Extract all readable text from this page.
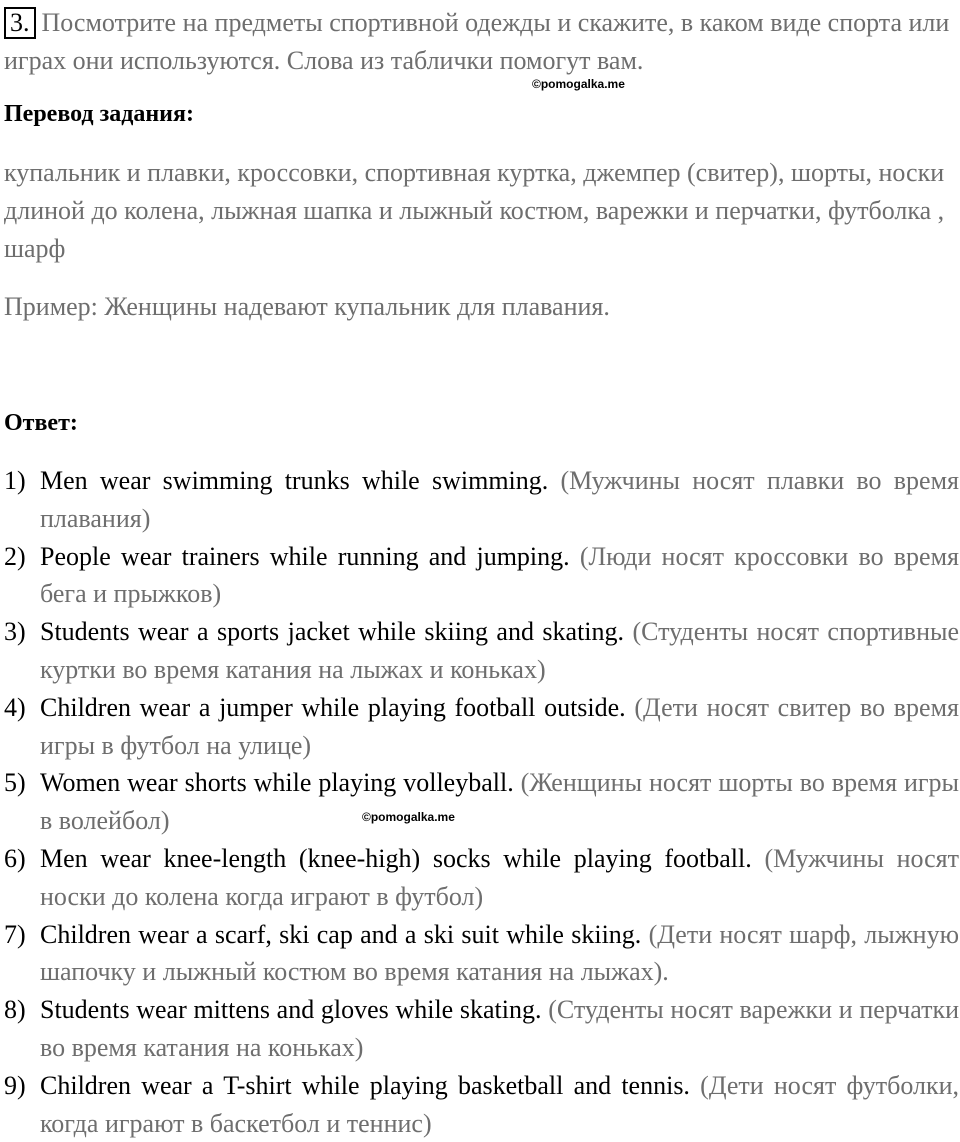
3. Посмотрите на предметы спортивной одежды и скажите, в каком виде спорта или играх они используются. Слова из таблички помогут вам.
©pomogalka.me
Перевод задания:
купальник и плавки, кроссовки, спортивная куртка, джемпер (свитер), шорты, носки длиной до колена, лыжная шапка и лыжный костюм, варежки и перчатки, футболка , шарф
Пример: Женщины надевают купальник для плавания.
Ответ:
1) Men wear swimming trunks while swimming. (Мужчины носят плавки во время плавания)
2) People wear trainers while running and jumping. (Люди носят кроссовки во время бега и прыжков)
3) Students wear a sports jacket while skiing and skating. (Студенты носят спортивные куртки во время катания на лыжах и коньках)
4) Children wear a jumper while playing football outside. (Дети носят свитер во время игры в футбол на улице)
5) Women wear shorts while playing volleyball. (Женщины носят шорты во время игры в волейбол)
6) Men wear knee-length (knee-high) socks while playing football. (Мужчины носят носки до колена когда играют в футбол)
7) Children wear a scarf, ski cap and a ski suit while skiing. (Дети носят шарф, лыжную шапочку и лыжный костюм во время катания на лыжах).
8) Students wear mittens and gloves while skating. (Студенты носят варежки и перчатки во время катания на коньках)
9) Children wear a T-shirt while playing basketball and tennis. (Дети носят футболки, когда играют в баскетбол и теннис)
©pomogalka.me
